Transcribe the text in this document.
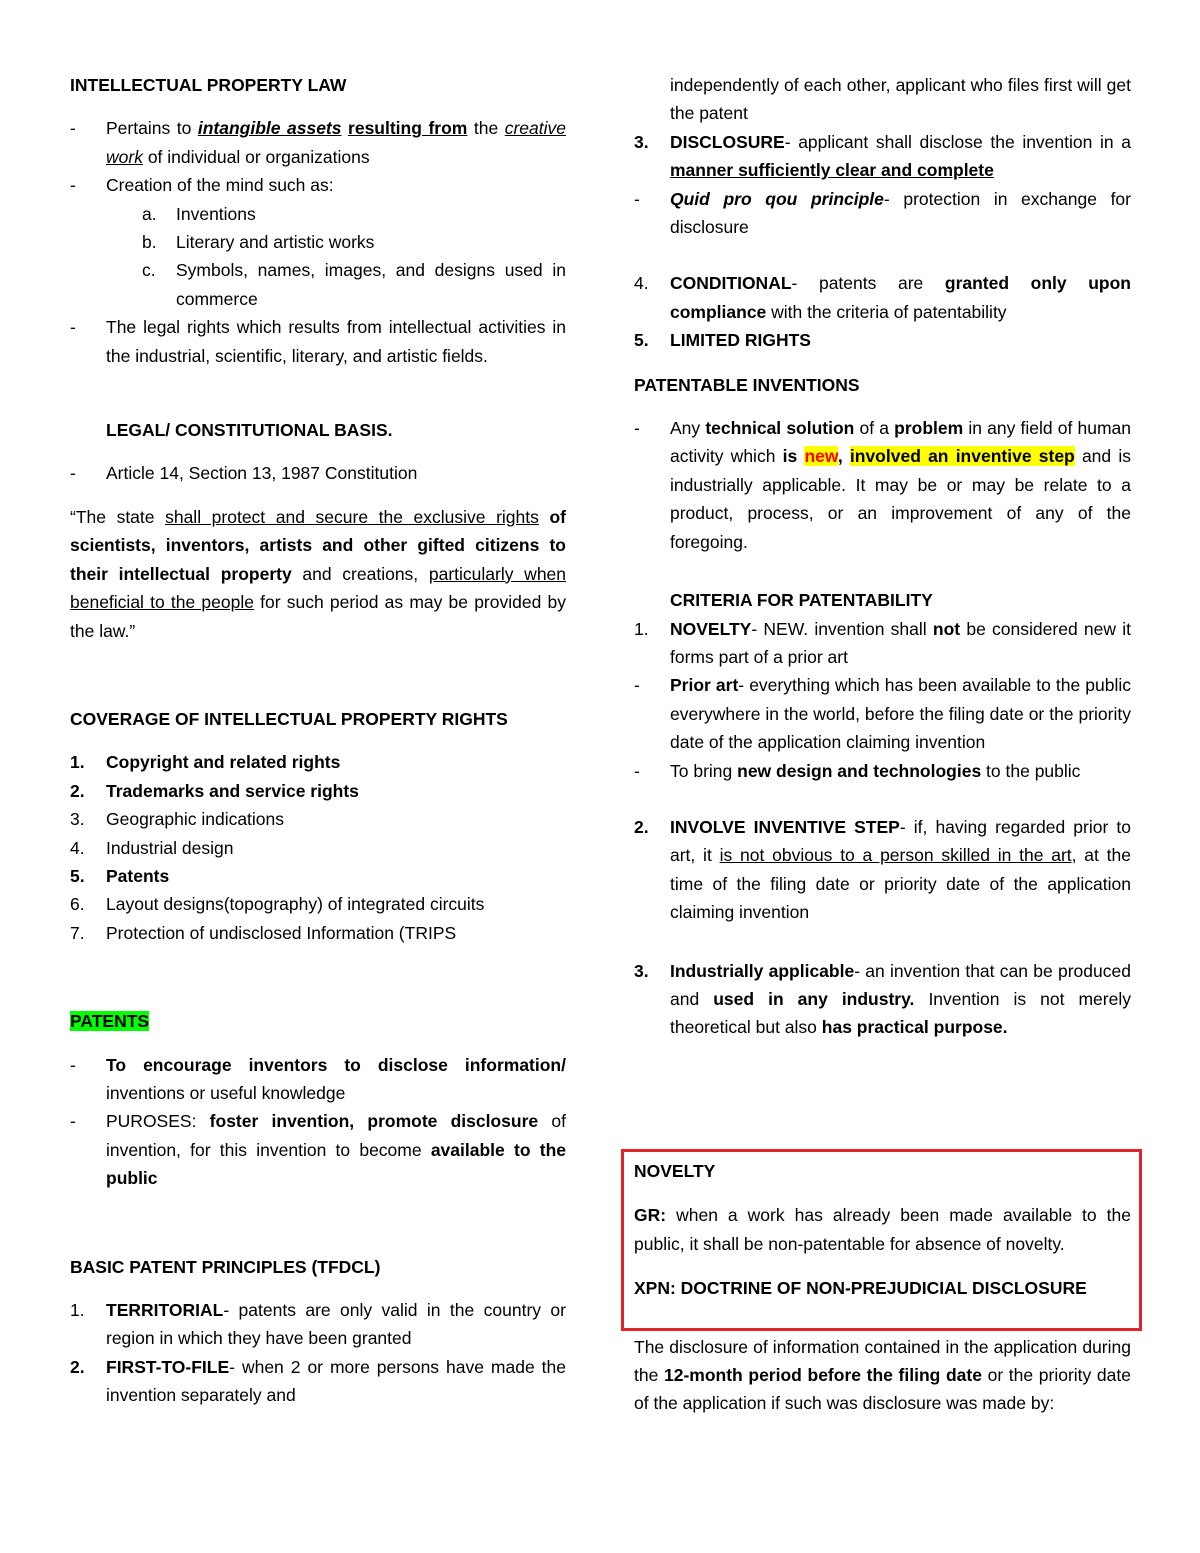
INTELLECTUAL PROPERTY LAW

- Pertains to intangible assets resulting from the creative work of individual or organizations
- Creation of the mind such as:
a. Inventions
b. Literary and artistic works
c. Symbols, names, images, and designs used in commerce
- The legal rights which results from intellectual activities in the industrial, scientific, literary, and artistic fields.

LEGAL/ CONSTITUTIONAL BASIS.

- Article 14, Section 13, 1987 Constitution

“The state shall protect and secure the exclusive rights of scientists, inventors, artists and other gifted citizens to their intellectual property and creations, particularly when beneficial to the people for such period as may be provided by the law.”

COVERAGE OF INTELLECTUAL PROPERTY RIGHTS

1. Copyright and related rights
2. Trademarks and service rights
3. Geographic indications
4. Industrial design
5. Patents
6. Layout designs(topography) of integrated circuits
7. Protection of undisclosed Information (TRIPS

PATENTS

- To encourage inventors to disclose information/ inventions or useful knowledge
- PUROSES: foster invention, promote disclosure of invention, for this invention to become available to the public

BASIC PATENT PRINCIPLES (TFDCL)

1. TERRITORIAL- patents are only valid in the country or region in which they have been granted
2. FIRST-TO-FILE- when 2 or more persons have made the invention separately and

independently of each other, applicant who files first will get the patent

3. DISCLOSURE- applicant shall disclose the invention in a manner sufficiently clear and complete
- Quid pro qou principle- protection in exchange for disclosure
4. CONDITIONAL- patents are granted only upon compliance with the criteria of patentability
5. LIMITED RIGHTS

PATENTABLE INVENTIONS

- Any technical solution of a problem in any field of human activity which is new, involved an inventive step and is industrially applicable. It may be or may be relate to a product, process, or an improvement of any of the foregoing.

CRITERIA FOR PATENTABILITY

1. NOVELTY- NEW. invention shall not be considered new it forms part of a prior art
- Prior art- everything which has been available to the public everywhere in the world, before the filing date or the priority date of the application claiming invention
- To bring new design and technologies to the public
2. INVOLVE INVENTIVE STEP- if, having regarded prior to art, it is not obvious to a person skilled in the art, at the time of the filing date or priority date of the application claiming invention
3. Industrially applicable- an invention that can be produced and used in any industry. Invention is not merely theoretical but also has practical purpose.

NOVELTY

GR: when a work has already been made available to the public, it shall be non-patentable for absence of novelty.

XPN: DOCTRINE OF NON-PREJUDICIAL DISCLOSURE

The disclosure of information contained in the application during the 12-month period before the filing date or the priority date of the application if such was disclosure was made by:
